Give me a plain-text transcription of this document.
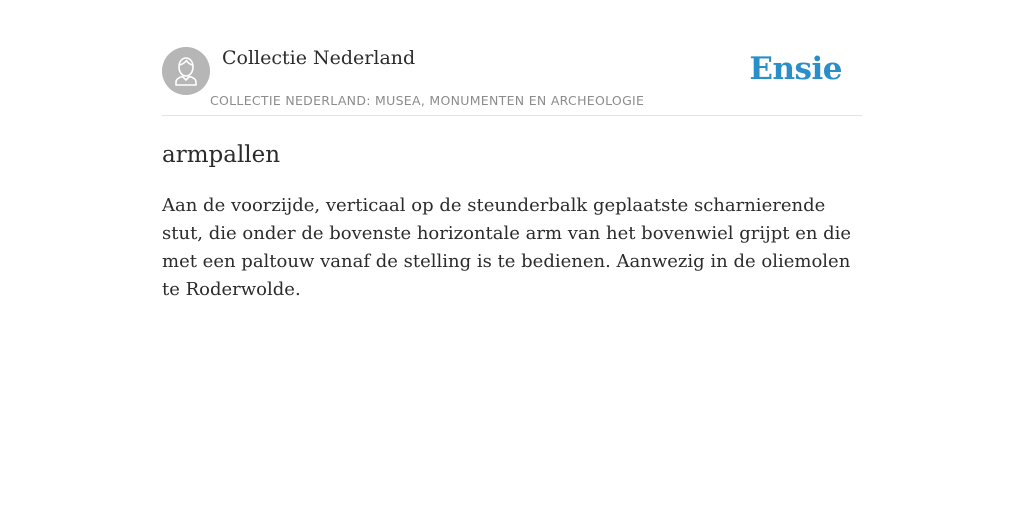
Collectie Nederland
COLLECTIE NEDERLAND: MUSEA, MONUMENTEN EN ARCHEOLOGIE
Ensie
armpallen

Aan de voorzijde, verticaal op de steunderbalk geplaatste scharnierende stut, die onder de bovenste horizontale arm van het bovenwiel grijpt en die met een paltouw vanaf de stelling is te bedienen. Aanwezig in de oliemolen te Roderwolde.
